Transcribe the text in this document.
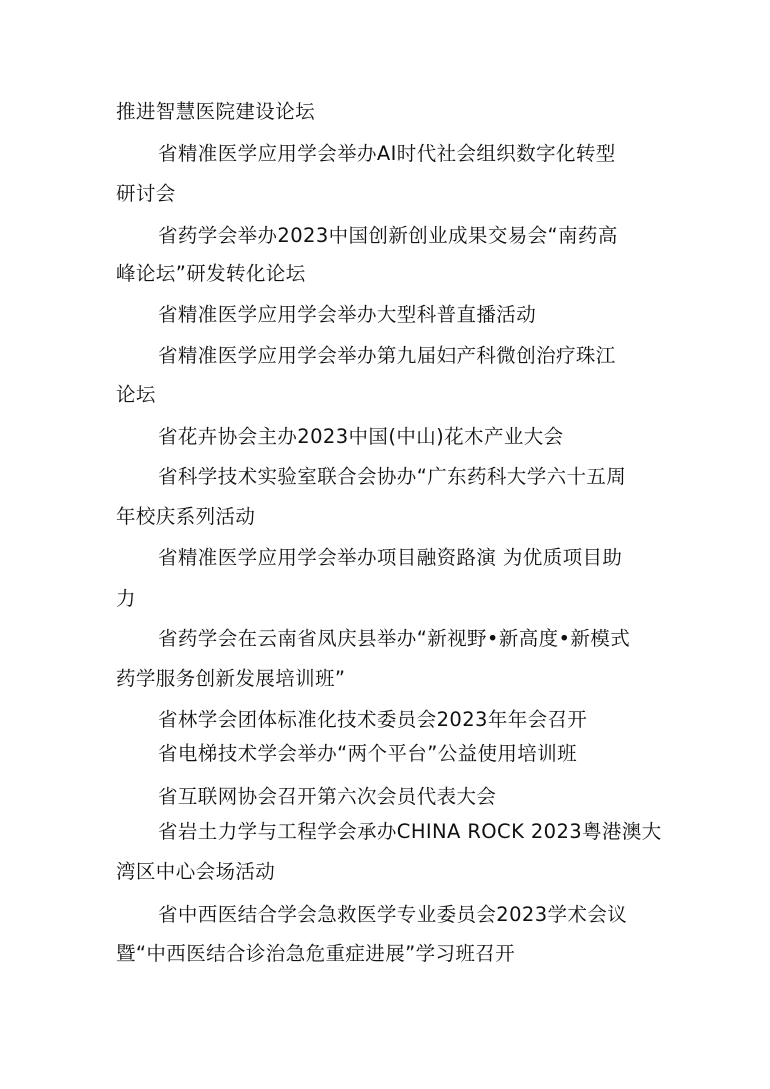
推进智慧医院建设论坛
省精准医学应用学会举办AI时代社会组织数字化转型
研讨会
省药学会举办2023中国创新创业成果交易会“南药高
峰论坛”研发转化论坛
省精准医学应用学会举办大型科普直播活动
省精准医学应用学会举办第九届妇产科微创治疗珠江
论坛
省花卉协会主办2023中国(中山)花木产业大会
省科学技术实验室联合会协办“广东药科大学六十五周
年校庆系列活动
省精准医学应用学会举办项目融资路演 为优质项目助
力
省药学会在云南省凤庆县举办“新视野•新高度•新模式
药学服务创新发展培训班”
省林学会团体标准化技术委员会2023年年会召开
省电梯技术学会举办“两个平台”公益使用培训班
省互联网协会召开第六次会员代表大会
省岩土力学与工程学会承办CHINA ROCK 2023粤港澳大
湾区中心会场活动
省中西医结合学会急救医学专业委员会2023学术会议
暨“中西医结合诊治急危重症进展”学习班召开
